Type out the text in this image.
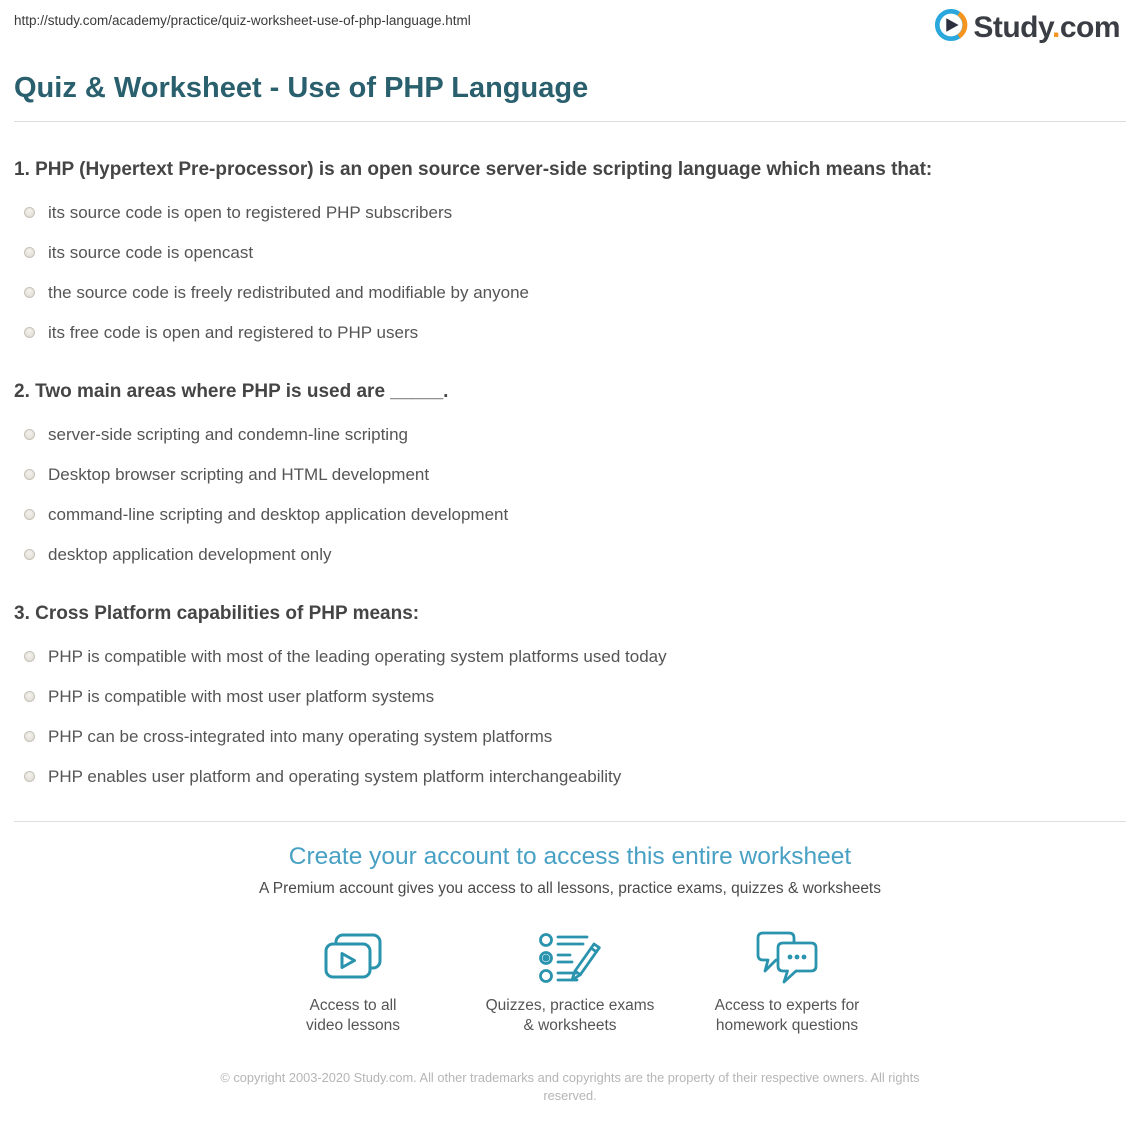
http://study.com/academy/practice/quiz-worksheet-use-of-php-language.html	Study.com
Quiz & Worksheet - Use of PHP Language
1. PHP (Hypertext Pre-processor) is an open source server-side scripting language which means that:
its source code is open to registered PHP subscribers
its source code is opencast
the source code is freely redistributed and modifiable by anyone
its free code is open and registered to PHP users
2. Two main areas where PHP is used are _____.
server-side scripting and condemn-line scripting
Desktop browser scripting and HTML development
command-line scripting and desktop application development
desktop application development only
3. Cross Platform capabilities of PHP means:
PHP is compatible with most of the leading operating system platforms used today
PHP is compatible with most user platform systems
PHP can be cross-integrated into many operating system platforms
PHP enables user platform and operating system platform interchangeability
Create your account to access this entire worksheet
A Premium account gives you access to all lessons, practice exams, quizzes & worksheets
Access to all
video lessons
Quizzes, practice exams
& worksheets
Access to experts for
homework questions
© copyright 2003-2020 Study.com. All other trademarks and copyrights are the property of their respective owners. All rights reserved.
